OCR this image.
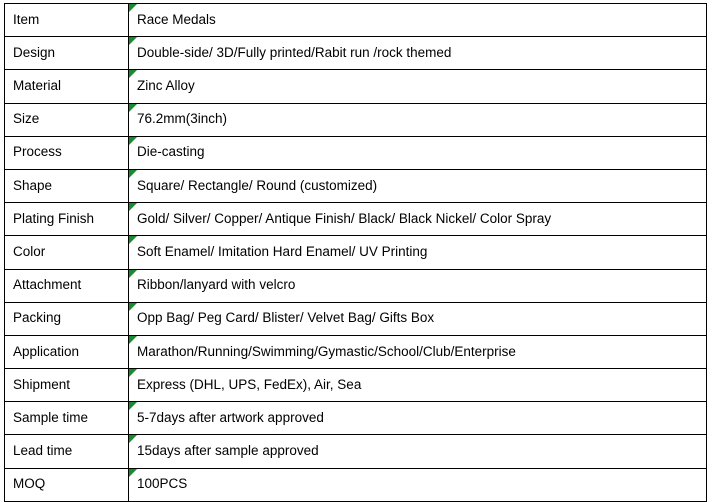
Item	Race Medals
Design	Double-side/ 3D/Fully printed/Rabit run /rock themed
Material	Zinc Alloy
Size	76.2mm(3inch)
Process	Die-casting
Shape	Square/ Rectangle/ Round (customized)
Plating Finish	Gold/ Silver/ Copper/ Antique Finish/ Black/ Black Nickel/ Color Spray
Color	Soft Enamel/ Imitation Hard Enamel/ UV Printing
Attachment	Ribbon/lanyard with velcro
Packing	Opp Bag/ Peg Card/ Blister/ Velvet Bag/ Gifts Box
Application	Marathon/Running/Swimming/Gymastic/School/Club/Enterprise
Shipment	Express (DHL, UPS, FedEx), Air, Sea
Sample time	5-7days after artwork approved
Lead time	15days after sample approved
MOQ	100PCS
